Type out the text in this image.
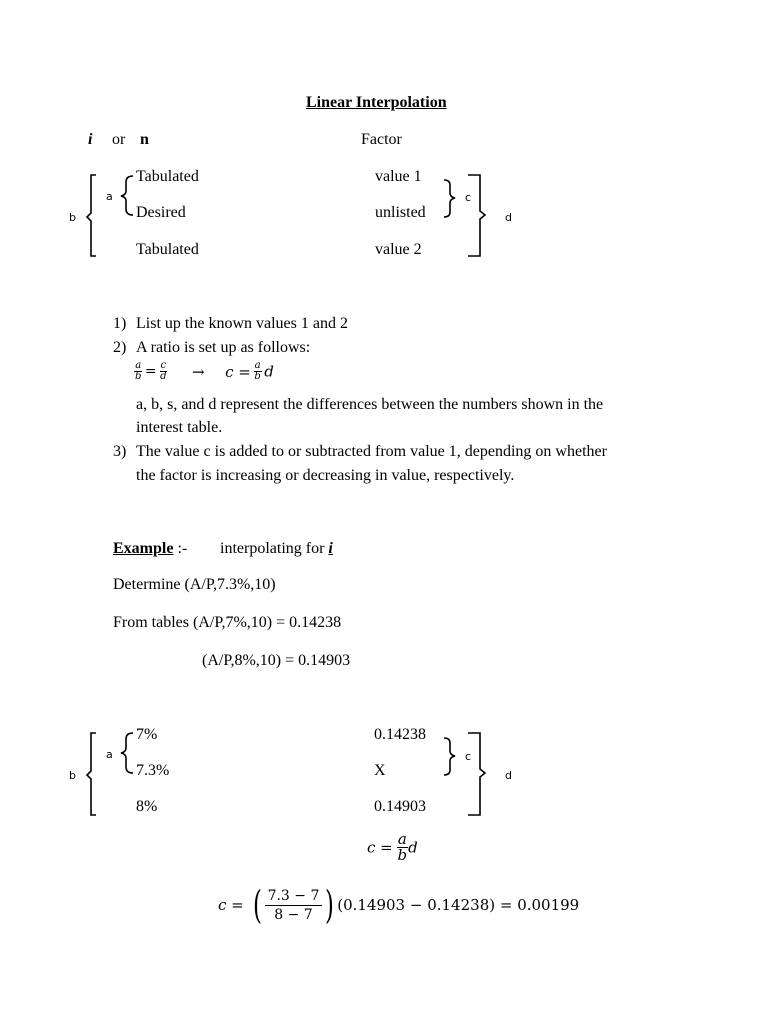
Linear Interpolation
i or n	Factor
a
b
c
d
Tabulated
Desired
Tabulated
value 1
unlisted
value 2
1) List up the known values 1 and 2
2) A ratio is set up as follows:
$\frac{a}{b} = \frac{c}{d} \to c = \frac{a}{b}$ d
a, b, s, and d represent the differences between the numbers shown in the
interest table.
3) The value c is added to or subtracted from value 1, depending on whether
the factor is increasing or decreasing in value, respectively.
Example :- interpolating for i
Determine (A/P,7.3%,10)
From tables (A/P,7%,10) = 0.14238
(A/P,8%,10) = 0.14903
a
b
c
d
7%
7.3%
8%
0.14238
X
0.14903
$c = \frac{a}{b}$ d
c = ( $\frac{7.3 - 7}{8 - 7}$ ) (0.14903 − 0.14238) = 0.00199
